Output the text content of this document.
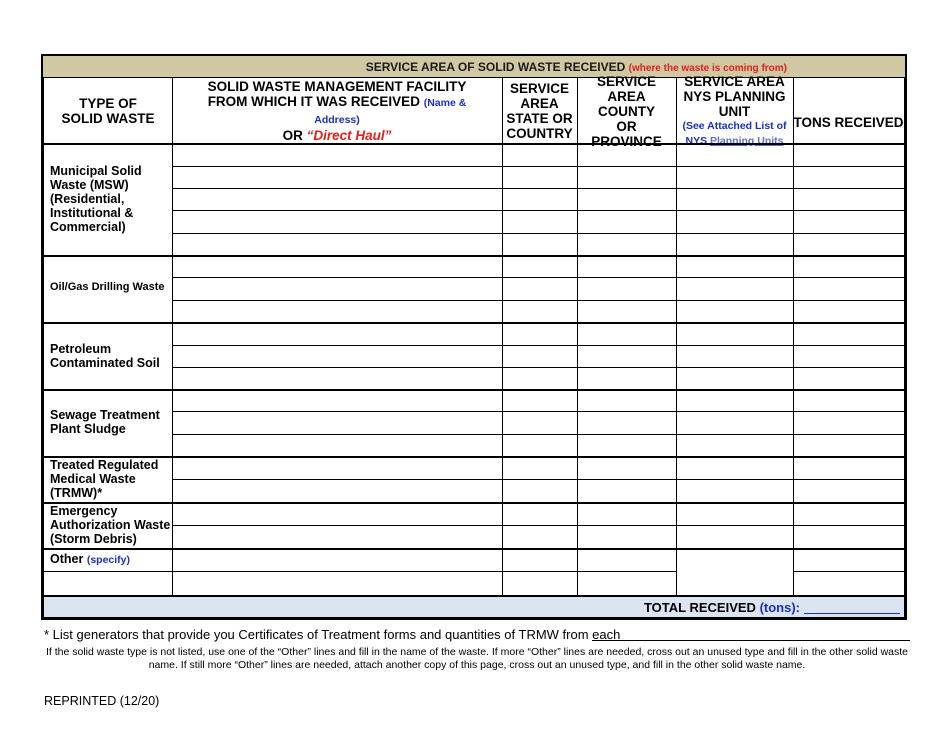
SERVICE AREA OF SOLID WASTE RECEIVED (where the waste is coming from)
TYPE OF SOLID WASTE
SOLID WASTE MANAGEMENT FACILITY FROM WHICH IT WAS RECEIVED (Name & Address)
OR “Direct Haul”
SERVICE AREA STATE OR COUNTRY
SERVICE AREA COUNTY OR PROVINCE
SERVICE AREA NYS PLANNING UNIT
(See Attached List of
NYS Planning Units
TONS RECEIVED
Municipal Solid Waste (MSW) (Residential, Institutional & Commercial)
Oil/Gas Drilling Waste
Petroleum Contaminated Soil
Sewage Treatment Plant Sludge
Treated Regulated Medical Waste (TRMW)*
Emergency Authorization Waste (Storm Debris)
Other (specify)
TOTAL RECEIVED (tons):
* List generators that provide you Certificates of Treatment forms and quantities of TRMW from each
If the solid waste type is not listed, use one of the “Other” lines and fill in the name of the waste. If more “Other” lines are needed, cross out an unused type and fill in the other solid waste name. If still more “Other” lines are needed, attach another copy of this page, cross out an unused type, and fill in the other solid waste name.
REPRINTED (12/20)
